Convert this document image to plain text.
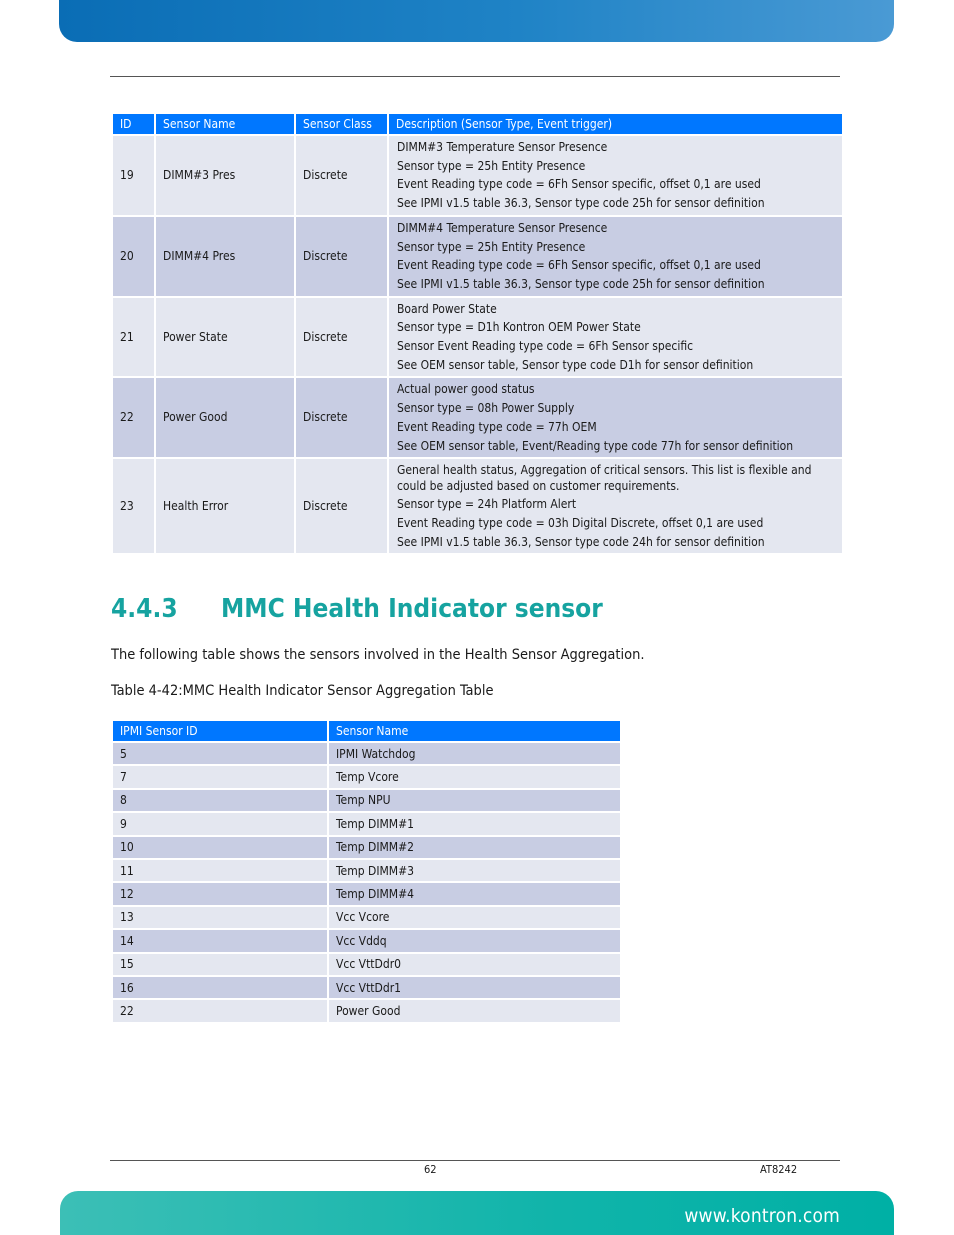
ID	Sensor Name	Sensor Class	Description (Sensor Type, Event trigger)
19	DIMM#3 Pres	Discrete	DIMM#3 Temperature Sensor Presence
Sensor type = 25h Entity Presence
Event Reading type code = 6Fh Sensor specific, offset 0,1 are used
See IPMI v1.5 table 36.3, Sensor type code 25h for sensor definition

20	DIMM#4 Pres	Discrete	DIMM#4 Temperature Sensor Presence
Sensor type = 25h Entity Presence
Event Reading type code = 6Fh Sensor specific, offset 0,1 are used
See IPMI v1.5 table 36.3, Sensor type code 25h for sensor definition

21	Power State	Discrete	Board Power State
Sensor type = D1h Kontron OEM Power State
Sensor Event Reading type code = 6Fh Sensor specific
See OEM sensor table, Sensor type code D1h for sensor definition

22	Power Good	Discrete	Actual power good status
Sensor type = 08h Power Supply
Event Reading type code = 77h OEM
See OEM sensor table, Event/Reading type code 77h for sensor definition

23	Health Error	Discrete	General health status, Aggregation of critical sensors. This list is flexible and could be adjusted based on customer requirements.
Sensor type = 24h Platform Alert
Event Reading type code = 03h Digital Discrete, offset 0,1 are used
See IPMI v1.5 table 36.3, Sensor type code 24h for sensor definition
4.4.3 MMC Health Indicator sensor

The following table shows the sensors involved in the Health Sensor Aggregation.

Table 4-42:MMC Health Indicator Sensor Aggregation Table

IPMI Sensor ID	Sensor Name
5	IPMI Watchdog
7	Temp Vcore
8	Temp NPU
9	Temp DIMM#1
10	Temp DIMM#2
11	Temp DIMM#3
12	Temp DIMM#4
13	Vcc Vcore
14	Vcc Vddq
15	Vcc VttDdr0
16	Vcc VttDdr1
22	Power Good
62	AT8242
www.kontron.com
